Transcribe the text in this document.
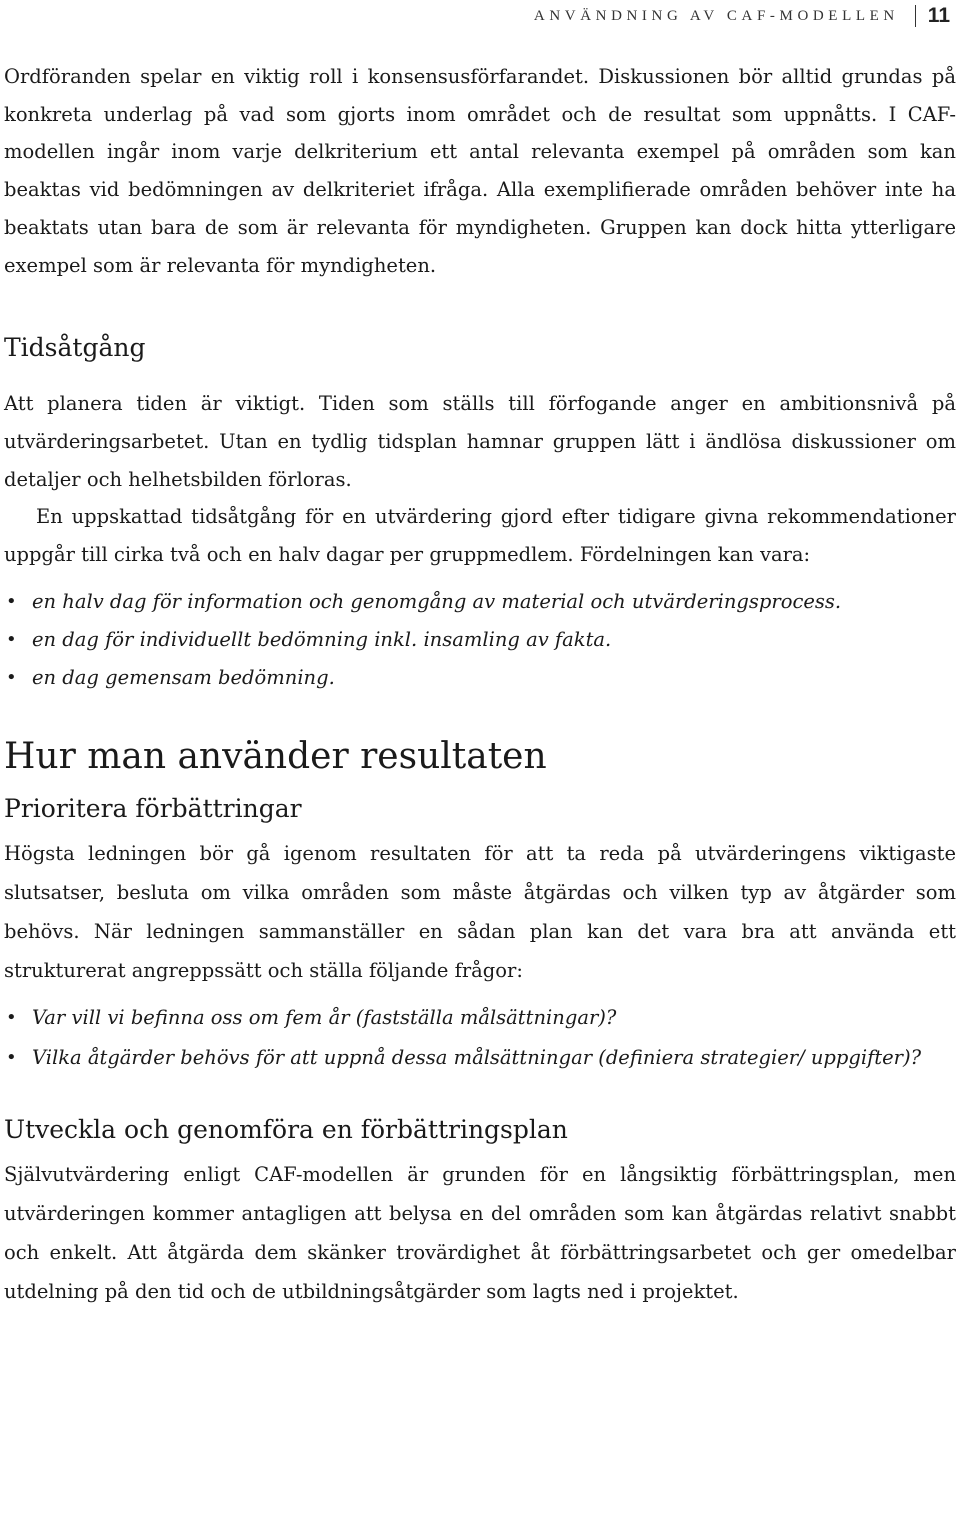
ANVÄNDNING AV CAF-MODELLEN 11

Ordföranden spelar en viktig roll i konsensusförfarandet. Diskussionen bör alltid grundas på konkreta underlag på vad som gjorts inom området och de resultat som uppnåtts. I CAF-modellen ingår inom varje delkriterium ett antal relevanta exempel på områden som kan beaktas vid bedömningen av delkriteriet ifråga. Alla exemplifierade områden behöver inte ha beaktats utan bara de som är relevanta för myndigheten. Gruppen kan dock hitta ytterligare exempel som är relevanta för myndigheten.

Tidsåtgång

Att planera tiden är viktigt. Tiden som ställs till förfogande anger en ambitionsnivå på utvärderingsarbetet. Utan en tydlig tidsplan hamnar gruppen lätt i ändlösa diskussioner om detaljer och helhetsbilden förloras.

En uppskattad tidsåtgång för en utvärdering gjord efter tidigare givna rekommendationer uppgår till cirka två och en halv dagar per gruppmedlem. Fördelningen kan vara:

• en halv dag för information och genomgång av material och utvärderingsprocess.
• en dag för individuellt bedömning inkl. insamling av fakta.
• en dag gemensam bedömning.
Hur man använder resultaten
Prioritera förbättringar

Högsta ledningen bör gå igenom resultaten för att ta reda på utvärderingens viktigaste slutsatser, besluta om vilka områden som måste åtgärdas och vilken typ av åtgärder som behövs. När ledningen sammanställer en sådan plan kan det vara bra att använda ett strukturerat angreppssätt och ställa följande frågor:

• Var vill vi befinna oss om fem år (fastställa målsättningar)?
• Vilka åtgärder behövs för att uppnå dessa målsättningar (definiera strategier/ uppgifter)?
Utveckla och genomföra en förbättringsplan

Självutvärdering enligt CAF-modellen är grunden för en långsiktig förbättringsplan, men utvärderingen kommer antagligen att belysa en del områden som kan åtgärdas relativt snabbt och enkelt. Att åtgärda dem skänker trovärdighet åt förbättringsarbetet och ger omedelbar utdelning på den tid och de utbildningsåtgärder som lagts ned i projektet.
